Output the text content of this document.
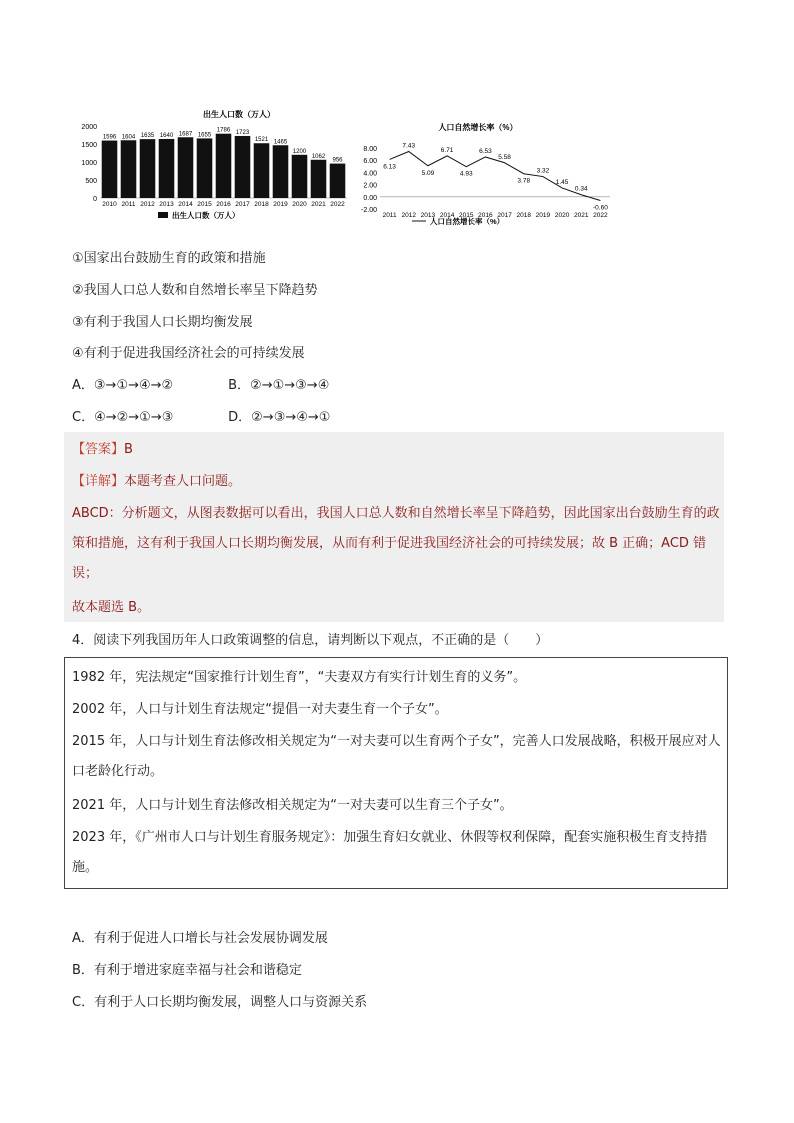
出生人口数（万人）
0
500
1000
1500
2000
2010 2011 2012 2013 2014 2015 2016 2017 2018 2019 2020 2021 2022
1596 1604 1635 1640 1687 1655
1786 1723
1521 1465
1200
1062
956
出生人口数（万人）
人口自然增长率（%）
-2.00
0.00
2.00
4.00
6.00
8.00
2011 2012 2013 2014 2015 2016 2017 2018 2019 2020 2021 2022
6.13
7.43
5.09
6.71
4.93
6.53
5.58
3.78
3.32
1.45
0.34
-0.60
人口自然增长率（%）
①国家出台鼓励生育的政策和措施
②我国人口总人数和自然增长率呈下降趋势
③有利于我国人口长期均衡发展
④有利于促进我国经济社会的可持续发展
A．③→①→④→②	B．②→①→③→④
C．④→②→①→③	D．②→③→④→①
【答案】B
【详解】本题考查人口问题。
ABCD：分析题文，从图表数据可以看出，我国人口总人数和自然增长率呈下降趋势，因此国家出台鼓励生育的政策和措施，这有利于我国人口长期均衡发展，从而有利于促进我国经济社会的可持续发展；故 B 正确；ACD 错误；
故本题选 B。
4．阅读下列我国历年人口政策调整的信息，请判断以下观点，不正确的是（　　）
1982 年，宪法规定“国家推行计划生育”，“夫妻双方有实行计划生育的义务”。
2002 年，人口与计划生育法规定“提倡一对夫妻生育一个子女”。
2015 年，人口与计划生育法修改相关规定为“一对夫妻可以生育两个子女”，完善人口发展战略，积极开展应对人口老龄化行动。
2021 年，人口与计划生育法修改相关规定为“一对夫妻可以生育三个子女”。
2023 年，《广州市人口与计划生育服务规定》：加强生育妇女就业、休假等权利保障，配套实施积极生育支持措施。
A．有利于促进人口增长与社会发展协调发展
B．有利于增进家庭幸福与社会和谐稳定
C．有利于人口长期均衡发展，调整人口与资源关系
